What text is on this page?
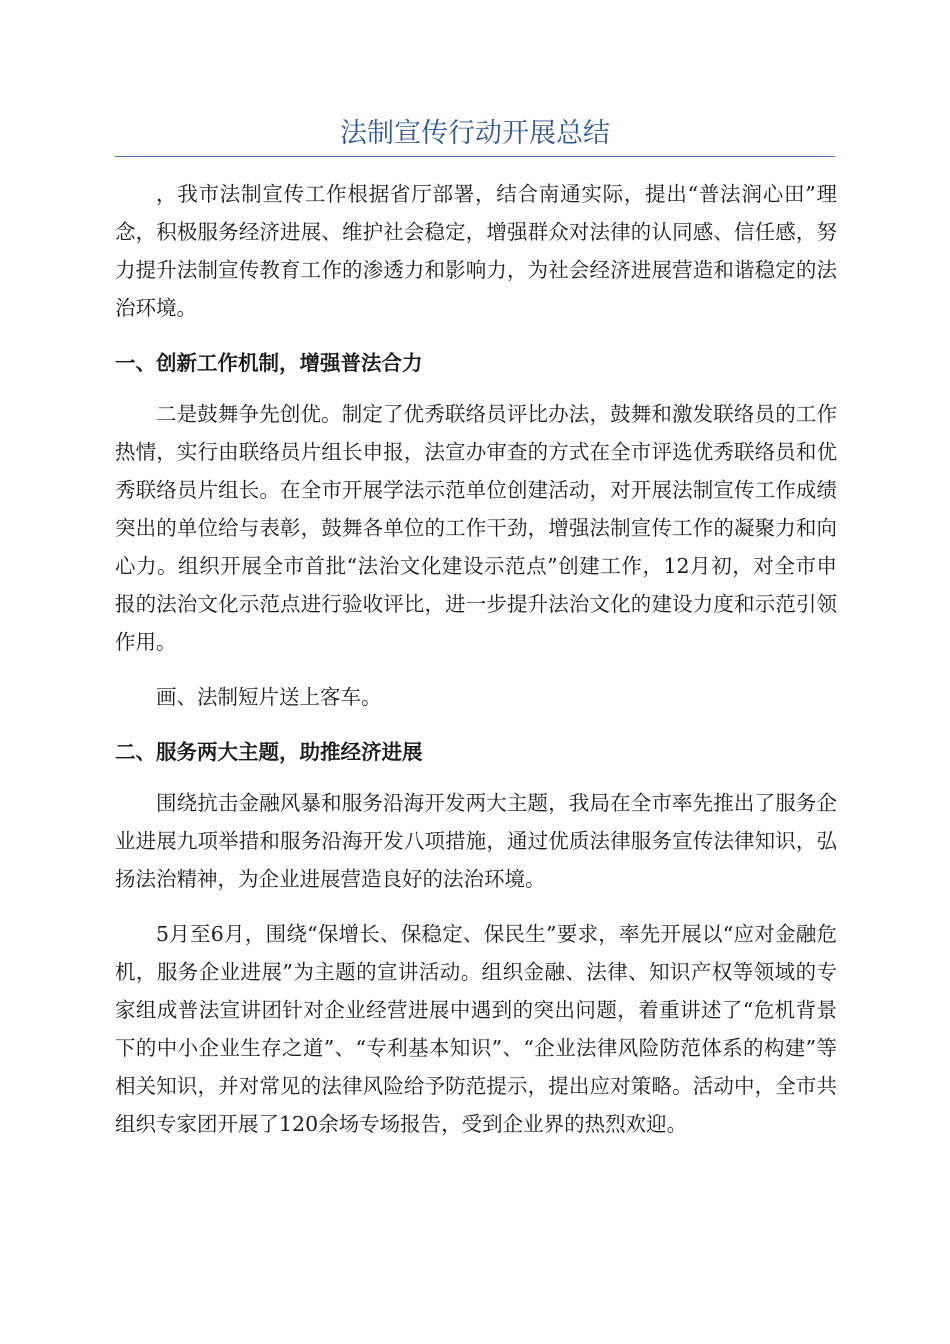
法制宣传行动开展总结

，我市法制宣传工作根据省厅部署，结合南通实际，提出“普法润心田”理念，积极服务经济进展、维护社会稳定，增强群众对法律的认同感、信任感，努力提升法制宣传教育工作的渗透力和影响力，为社会经济进展营造和谐稳定的法治环境。

一、创新工作机制，增强普法合力

二是鼓舞争先创优。制定了优秀联络员评比办法，鼓舞和激发联络员的工作热情，实行由联络员片组长申报，法宣办审查的方式在全市评选优秀联络员和优秀联络员片组长。在全市开展学法示范单位创建活动，对开展法制宣传工作成绩突出的单位给与表彰，鼓舞各单位的工作干劲，增强法制宣传工作的凝聚力和向心力。组织开展全市首批“法治文化建设示范点”创建工作，12月初，对全市申报的法治文化示范点进行验收评比，进一步提升法治文化的建设力度和示范引领作用。

画、法制短片送上客车。

二、服务两大主题，助推经济进展

围绕抗击金融风暴和服务沿海开发两大主题，我局在全市率先推出了服务企业进展九项举措和服务沿海开发八项措施，通过优质法律服务宣传法律知识，弘扬法治精神，为企业进展营造良好的法治环境。

5月至6月，围绕“保增长、保稳定、保民生”要求，率先开展以“应对金融危机，服务企业进展”为主题的宣讲活动。组织金融、法律、知识产权等领域的专家组成普法宣讲团针对企业经营进展中遇到的突出问题，着重讲述了“危机背景下的中小企业生存之道”、“专利基本知识”、“企业法律风险防范体系的构建”等相关知识，并对常见的法律风险给予防范提示，提出应对策略。活动中，全市共组织专家团开展了120余场专场报告，受到企业界的热烈欢迎。
